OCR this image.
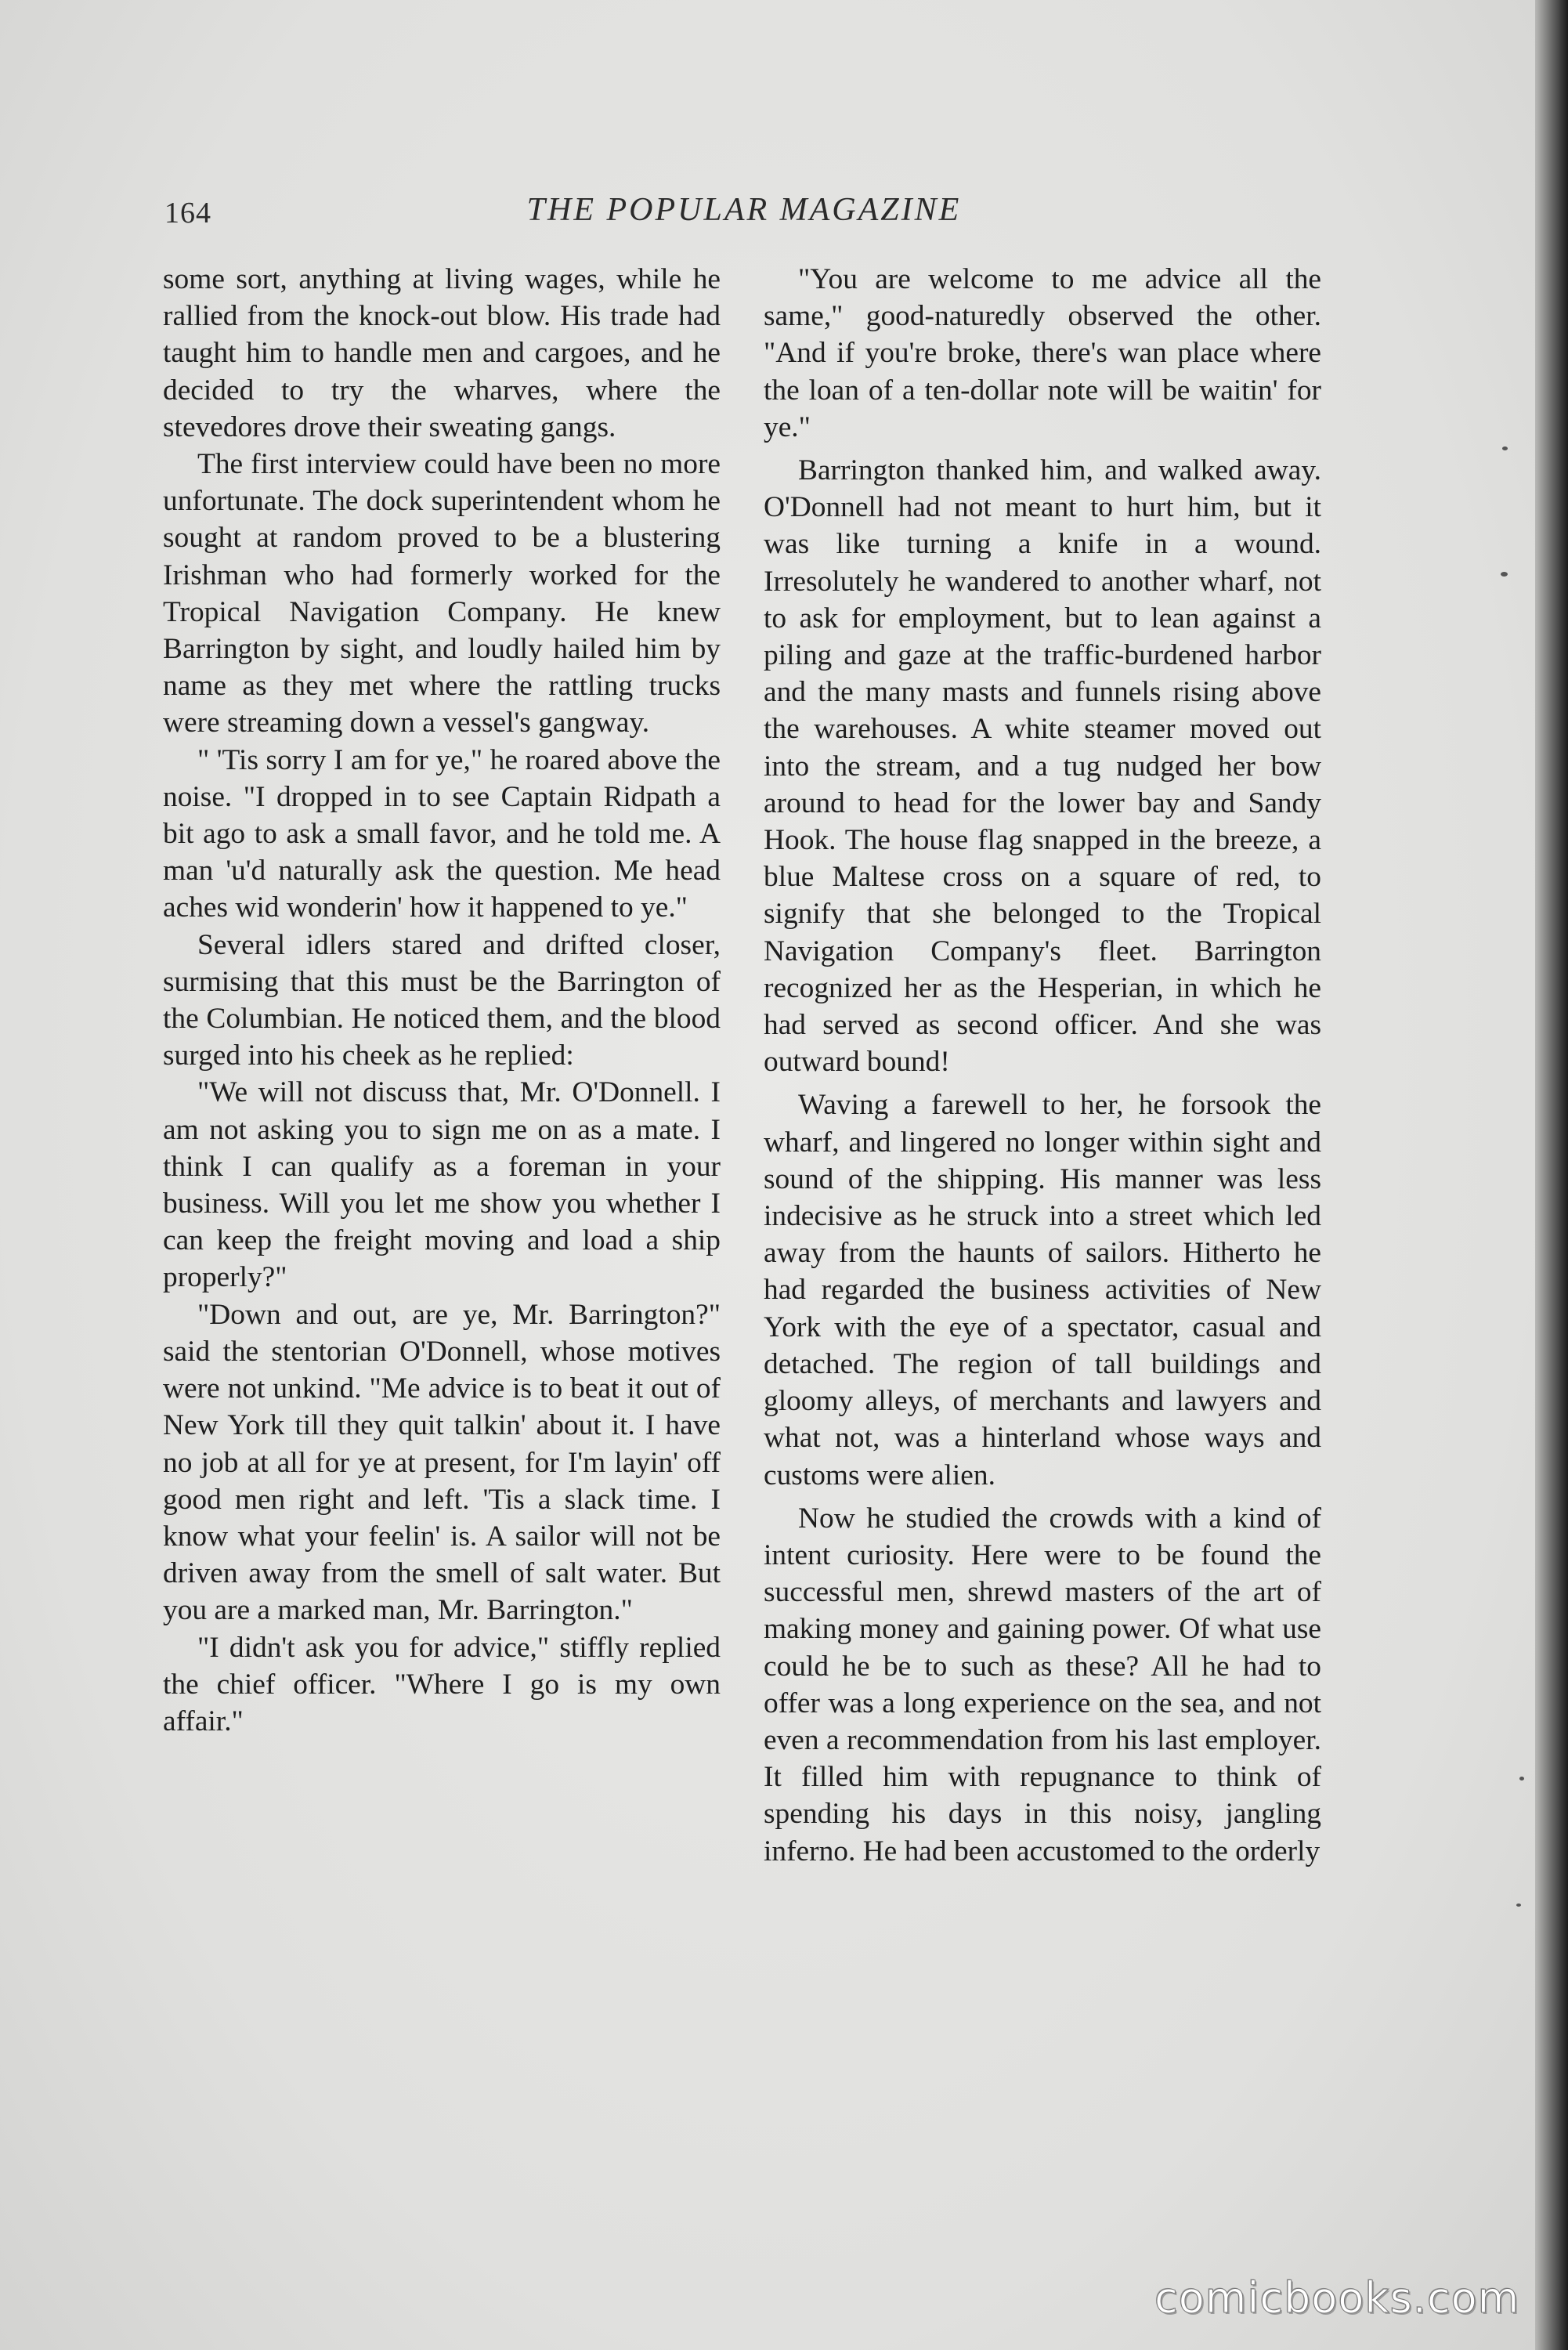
164	THE POPULAR MAGAZINE

some sort, anything at living wages, while he rallied from the knock-out blow. His trade had taught him to handle men and cargoes, and he decided to try the wharves, where the stevedores drove their sweating gangs.

The first interview could have been no more unfortunate. The dock superintendent whom he sought at random proved to be a blustering Irishman who had formerly worked for the Tropical Navigation Company. He knew Barrington by sight, and loudly hailed him by name as they met where the rattling trucks were streaming down a vessel's gangway.

" 'Tis sorry I am for ye," he roared above the noise. "I dropped in to see Captain Ridpath a bit ago to ask a small favor, and he told me. A man 'u'd naturally ask the question. Me head aches wid wonderin' how it happened to ye."

Several idlers stared and drifted closer, surmising that this must be the Barrington of the Columbian. He noticed them, and the blood surged into his cheek as he replied:

"We will not discuss that, Mr. O'Donnell. I am not asking you to sign me on as a mate. I think I can qualify as a foreman in your business. Will you let me show you whether I can keep the freight moving and load a ship properly?"

"Down and out, are ye, Mr. Barrington?" said the stentorian O'Donnell, whose motives were not unkind. "Me advice is to beat it out of New York till they quit talkin' about it. I have no job at all for ye at present, for I'm layin' off good men right and left. 'Tis a slack time. I know what your feelin' is. A sailor will not be driven away from the smell of salt water. But you are a marked man, Mr. Barrington."

"I didn't ask you for advice," stiffly replied the chief officer. "Where I go is my own affair."

"You are welcome to me advice all the same," good-naturedly observed the other. "And if you're broke, there's wan place where the loan of a ten-dollar note will be waitin' for ye."

Barrington thanked him, and walked away. O'Donnell had not meant to hurt him, but it was like turning a knife in a wound. Irresolutely he wandered to another wharf, not to ask for employment, but to lean against a piling and gaze at the traffic-burdened harbor and the many masts and funnels rising above the warehouses. A white steamer moved out into the stream, and a tug nudged her bow around to head for the lower bay and Sandy Hook. The house flag snapped in the breeze, a blue Maltese cross on a square of red, to signify that she belonged to the Tropical Navigation Company's fleet. Barrington recognized her as the Hesperian, in which he had served as second officer. And she was outward bound!

Waving a farewell to her, he forsook the wharf, and lingered no longer within sight and sound of the shipping. His manner was less indecisive as he struck into a street which led away from the haunts of sailors. Hitherto he had regarded the business activities of New York with the eye of a spectator, casual and detached. The region of tall buildings and gloomy alleys, of merchants and lawyers and what not, was a hinterland whose ways and customs were alien.

Now he studied the crowds with a kind of intent curiosity. Here were to be found the successful men, shrewd masters of the art of making money and gaining power. Of what use could he be to such as these? All he had to offer was a long experience on the sea, and not even a recommendation from his last employer. It filled him with repugnance to think of spending his days in this noisy, jangling inferno. He had been accustomed to the orderly

comicbooks.com
